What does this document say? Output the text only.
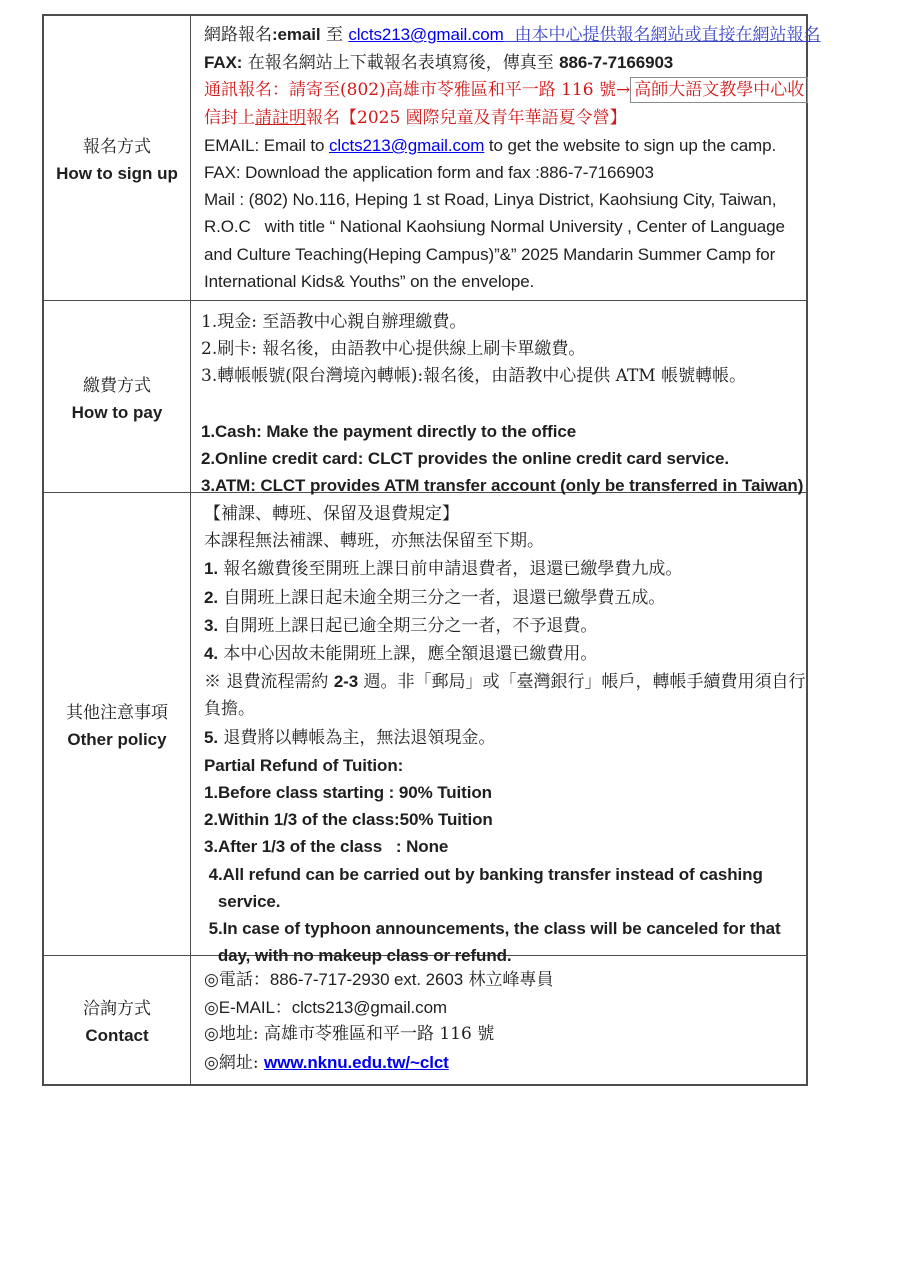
報名方式
How to sign up
網路報名:email 至 clcts213@gmail.com  由本中心提供報名網站或直接在網站報名
FAX: 在報名網站上下載報名表填寫後，傳真至 886-7-7166903
通訊報名：請寄至(802)高雄市苓雅區和平一路 116 號→ 高師大語文教學中心收
信封上請註明報名【2025 國際兒童及青年華語夏令營】
EMAIL: Email to clcts213@gmail.com to get the website to sign up the camp.
FAX: Download the application form and fax :886-7-7166903
Mail : (802) No.116, Heping 1 st Road, Linya District, Kaohsiung City, Taiwan,
R.O.C   with title “ National Kaohsiung Normal University , Center of Language
and Culture Teaching(Heping Campus)”&” 2025 Mandarin Summer Camp for
International Kids& Youths” on the envelope.
繳費方式
How to pay
1.現金: 至語教中心親自辦理繳費。
2.刷卡: 報名後，由語教中心提供線上刷卡單繳費。
3.轉帳帳號(限台灣境內轉帳):報名後，由語教中心提供 ATM 帳號轉帳。
1.Cash: Make the payment directly to the office
2.Online credit card: CLCT provides the online credit card service.
3.ATM: CLCT provides ATM transfer account (only be transferred in Taiwan)
其他注意事項
Other policy
【補課、轉班、保留及退費規定】
本課程無法補課、轉班，亦無法保留至下期。
1. 報名繳費後至開班上課日前申請退費者，退還已繳學費九成。
2. 自開班上課日起未逾全期三分之一者，退還已繳學費五成。
3. 自開班上課日起已逾全期三分之一者，不予退費。
4. 本中心因故未能開班上課，應全額退還已繳費用。
※ 退費流程需約 2-3 週。非「郵局」或「臺灣銀行」帳戶，轉帳手續費用須自行
負擔。
5. 退費將以轉帳為主，無法退領現金。
Partial Refund of Tuition:
1.Before class starting : 90% Tuition
2.Within 1/3 of the class:50% Tuition
3.After 1/3 of the class   : None
4.All refund can be carried out by banking transfer instead of cashing
service.
5.In case of typhoon announcements, the class will be canceled for that
day, with no makeup class or refund.
洽詢方式
Contact
◎電話：886-7-717-2930 ext. 2603 林立峰專員
◎E-MAIL：clcts213@gmail.com
◎地址: 高雄市苓雅區和平一路 116 號
◎網址: www.nknu.edu.tw/~clct
